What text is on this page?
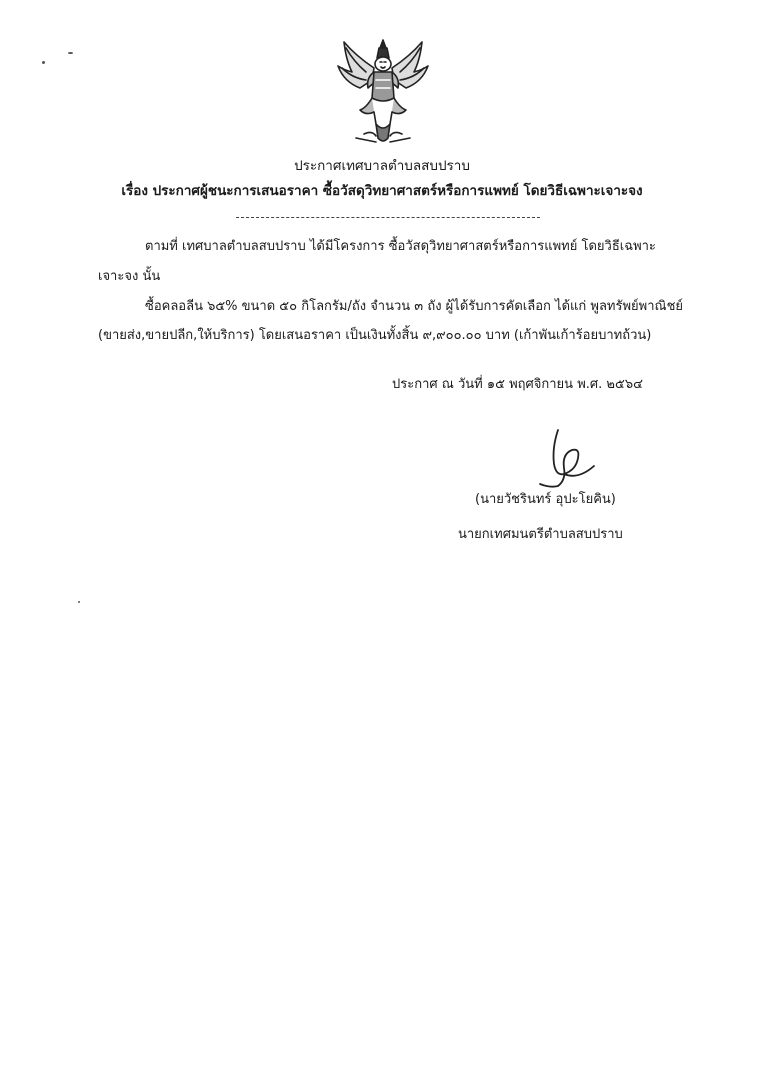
ประกาศเทศบาลตำบลสบปราบ
เรื่อง ประกาศผู้ชนะการเสนอราคา ซื้อวัสดุวิทยาศาสตร์หรือการแพทย์ โดยวิธีเฉพาะเจาะจง
ตามที่ เทศบาลตำบลสบปราบ ได้มีโครงการ ซื้อวัสดุวิทยาศาสตร์หรือการแพทย์ โดยวิธีเฉพาะ
เจาะจง นั้น
ซื้อคลอลีน ๖๕% ขนาด ๕๐ กิโลกรัม/ถัง จำนวน ๓ ถัง ผู้ได้รับการคัดเลือก ได้แก่ พูลทรัพย์พาณิชย์
(ขายส่ง,ขายปลีก,ให้บริการ) โดยเสนอราคา เป็นเงินทั้งสิ้น ๙,๙๐๐.๐๐ บาท (เก้าพันเก้าร้อยบาทถ้วน)
ประกาศ ณ วันที่ ๑๕ พฤศจิกายน พ.ศ. ๒๕๖๔
(นายวัชรินทร์ อุปะโยคิน)
นายกเทศมนตรีตำบลสบปราบ
